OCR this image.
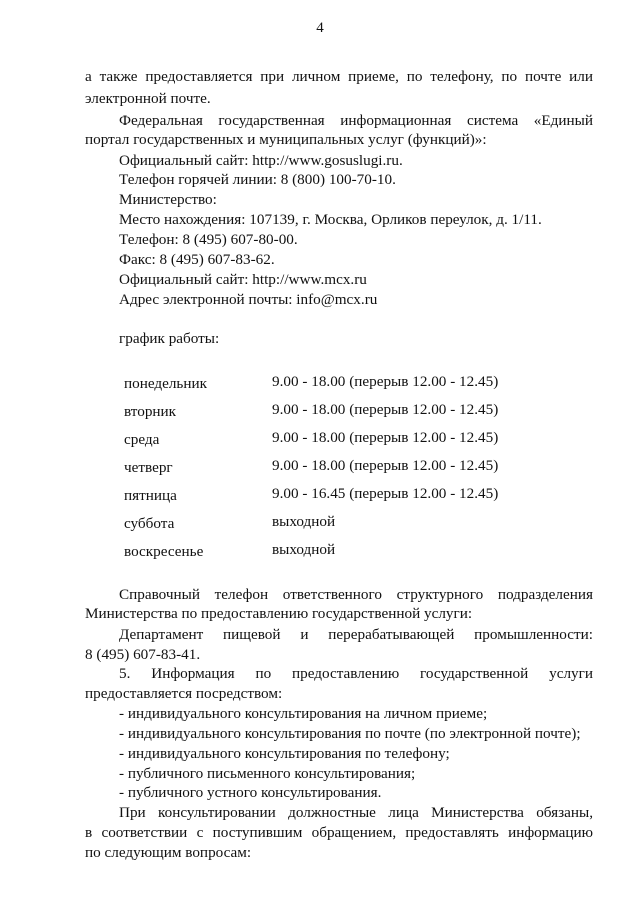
4
а также предоставляется при личном приеме, по телефону, по почте или
электронной почте.
Федеральная государственная информационная система «Единый
портал государственных и муниципальных услуг (функций)»:
Официальный сайт: http://www.gosuslugi.ru.
Телефон горячей линии: 8 (800) 100-70-10.
Министерство:
Место нахождения: 107139, г. Москва, Орликов переулок, д. 1/11.
Телефон: 8 (495) 607-80-00.
Факс: 8 (495) 607-83-62.
Официальный сайт: http://www.mcx.ru
Адрес электронной почты: info@mcx.ru
график работы:
понедельник	9.00 - 18.00 (перерыв 12.00 - 12.45)
вторник	9.00 - 18.00 (перерыв 12.00 - 12.45)
среда	9.00 - 18.00 (перерыв 12.00 - 12.45)
четверг	9.00 - 18.00 (перерыв 12.00 - 12.45)
пятница	9.00 - 16.45 (перерыв 12.00 - 12.45)
суббота	выходной
воскресенье	выходной
Справочный телефон ответственного структурного подразделения
Министерства по предоставлению государственной услуги:
Департамент пищевой и перерабатывающей промышленности:
8 (495) 607-83-41.
5. Информация по предоставлению государственной услуги
предоставляется посредством:
- индивидуального консультирования на личном приеме;
- индивидуального консультирования по почте (по электронной почте);
- индивидуального консультирования по телефону;
- публичного письменного консультирования;
- публичного устного консультирования.
При консультировании должностные лица Министерства обязаны,
в соответствии с поступившим обращением, предоставлять информацию
по следующим вопросам:
